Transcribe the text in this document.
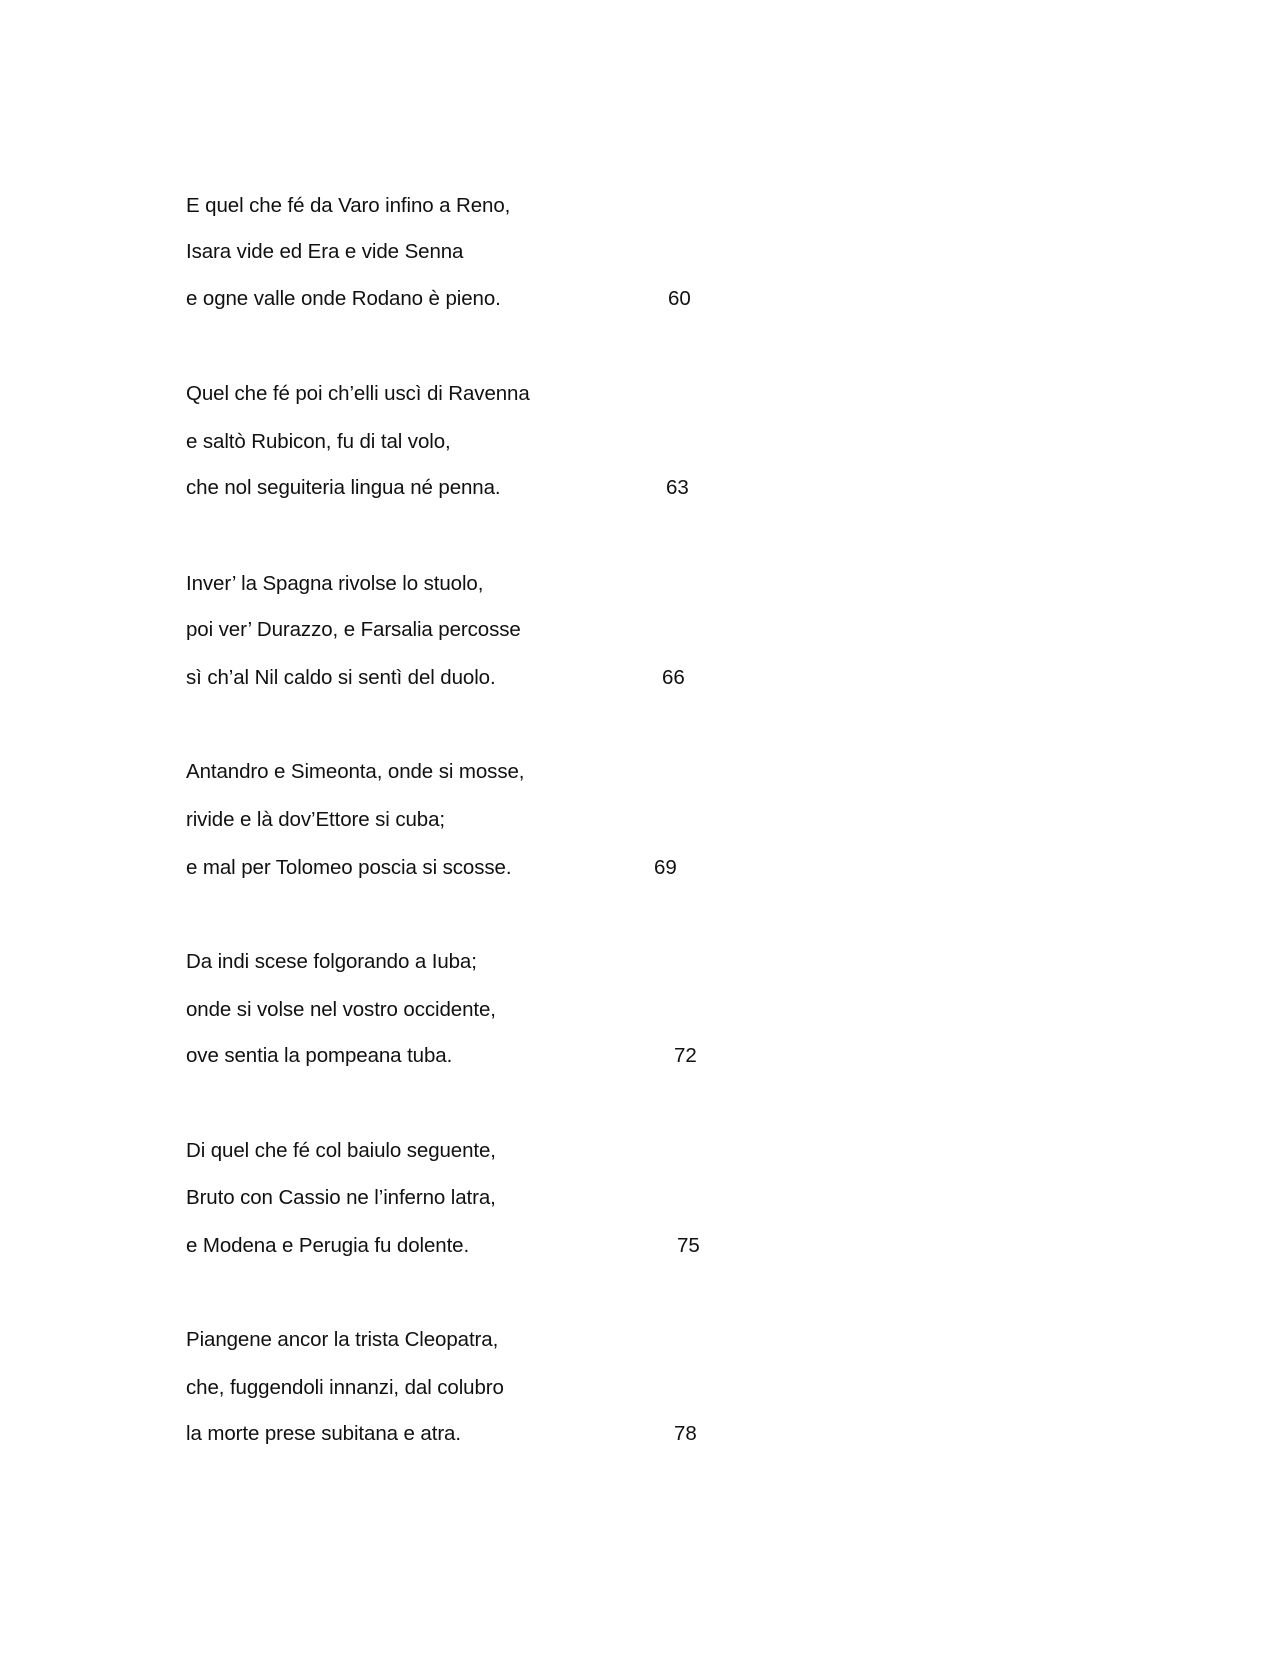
E quel che fé da Varo infino a Reno,
Isara vide ed Era e vide Senna
e ogne valle onde Rodano è pieno.	60
Quel che fé poi ch’elli uscì di Ravenna
e saltò Rubicon, fu di tal volo,
che nol seguiteria lingua né penna.	63
Inver’ la Spagna rivolse lo stuolo,
poi ver’ Durazzo, e Farsalia percosse
sì ch’al Nil caldo si sentì del duolo.	66
Antandro e Simeonta, onde si mosse,
rivide e là dov’Ettore si cuba;
e mal per Tolomeo poscia si scosse.	69
Da indi scese folgorando a Iuba;
onde si volse nel vostro occidente,
ove sentia la pompeana tuba.	72
Di quel che fé col baiulo seguente,
Bruto con Cassio ne l’inferno latra,
e Modena e Perugia fu dolente.	75
Piangene ancor la trista Cleopatra,
che, fuggendoli innanzi, dal colubro
la morte prese subitana e atra.	78
